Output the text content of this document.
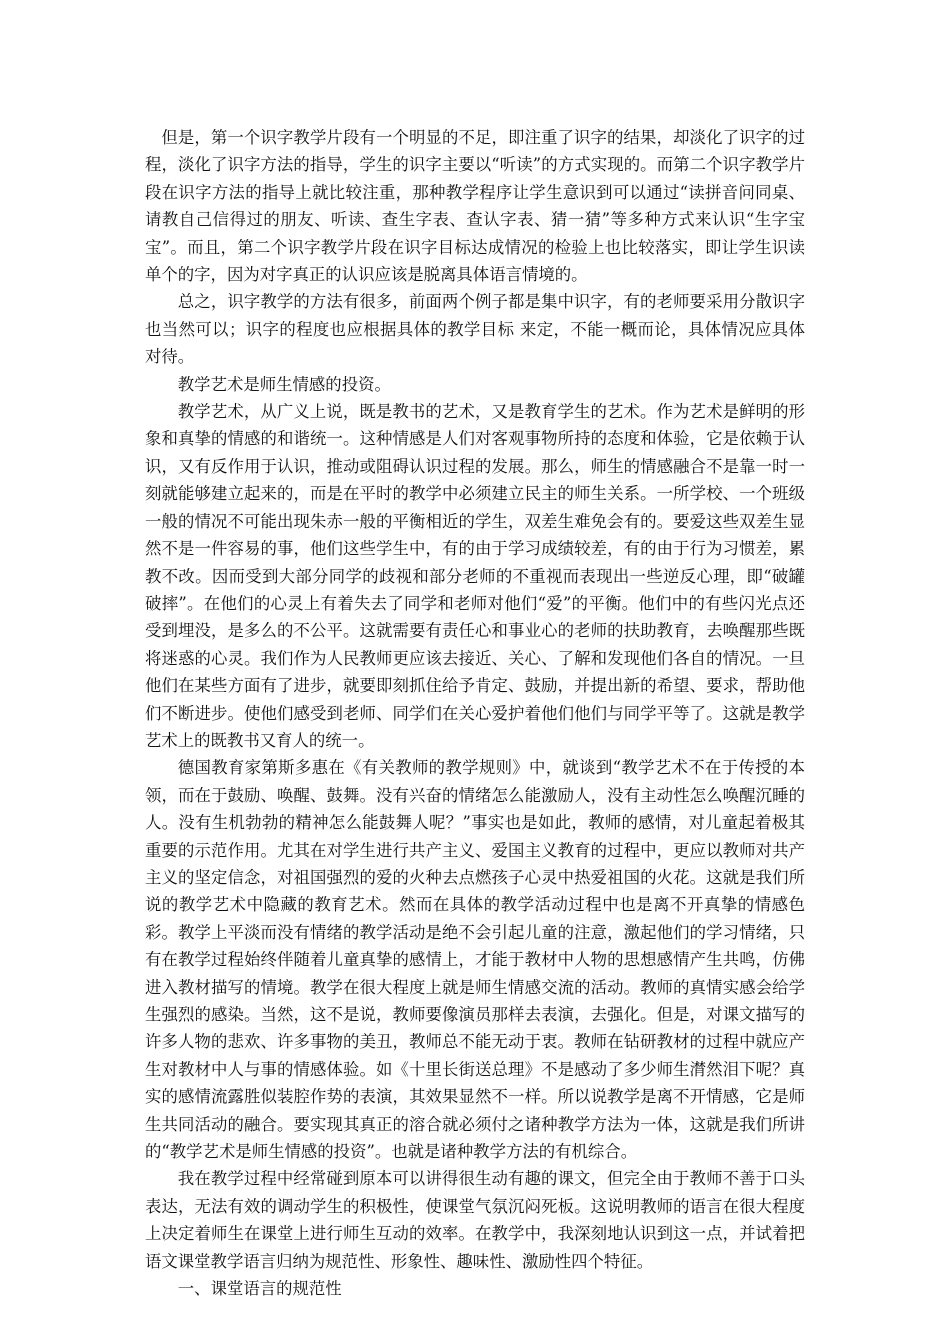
但是，第一个识字教学片段有一个明显的不足，即注重了识字的结果，却淡化了识字的过程，淡化了识字方法的指导，学生的识字主要以“听读”的方式实现的。而第二个识字教学片段在识字方法的指导上就比较注重，那种教学程序让学生意识到可以通过“读拼音问同桌、请教自己信得过的朋友、听读、查生字表、查认字表、猜一猜”等多种方式来认识“生字宝宝”。而且，第二个识字教学片段在识字目标达成情况的检验上也比较落实，即让学生识读单个的字，因为对字真正的认识应该是脱离具体语言情境的。

总之，识字教学的方法有很多，前面两个例子都是集中识字，有的老师要采用分散识字也当然可以；识字的程度也应根据具体的教学目标 来定，不能一概而论，具体情况应具体对待。

教学艺术是师生情感的投资。

教学艺术，从广义上说，既是教书的艺术，又是教育学生的艺术。作为艺术是鲜明的形象和真挚的情感的和谐统一。这种情感是人们对客观事物所持的态度和体验，它是依赖于认识，又有反作用于认识，推动或阻碍认识过程的发展。那么，师生的情感融合不是靠一时一刻就能够建立起来的，而是在平时的教学中必须建立民主的师生关系。一所学校、一个班级一般的情况不可能出现朱赤一般的平衡相近的学生，双差生难免会有的。要爱这些双差生显然不是一件容易的事，他们这些学生中，有的由于学习成绩较差，有的由于行为习惯差，累教不改。因而受到大部分同学的歧视和部分老师的不重视而表现出一些逆反心理，即“破罐破摔”。在他们的心灵上有着失去了同学和老师对他们“爱”的平衡。他们中的有些闪光点还受到埋没，是多么的不公平。这就需要有责任心和事业心的老师的扶助教育，去唤醒那些既将迷惑的心灵。我们作为人民教师更应该去接近、关心、了解和发现他们各自的情况。一旦他们在某些方面有了进步，就要即刻抓住给予肯定、鼓励，并提出新的希望、要求，帮助他们不断进步。使他们感受到老师、同学们在关心爱护着他们他们与同学平等了。这就是教学艺术上的既教书又育人的统一。

德国教育家第斯多惠在《有关教师的教学规则》中，就谈到“教学艺术不在于传授的本领，而在于鼓励、唤醒、鼓舞。没有兴奋的情绪怎么能激励人，没有主动性怎么唤醒沉睡的人。没有生机勃勃的精神怎么能鼓舞人呢？”事实也是如此，教师的感情，对儿童起着极其重要的示范作用。尤其在对学生进行共产主义、爱国主义教育的过程中，更应以教师对共产主义的坚定信念，对祖国强烈的爱的火种去点燃孩子心灵中热爱祖国的火花。这就是我们所说的教学艺术中隐藏的教育艺术。然而在具体的教学活动过程中也是离不开真挚的情感色彩。教学上平淡而没有情绪的教学活动是绝不会引起儿童的注意，激起他们的学习情绪，只有在教学过程始终伴随着儿童真挚的感情上，才能于教材中人物的思想感情产生共鸣，仿佛进入教材描写的情境。教学在很大程度上就是师生情感交流的活动。教师的真情实感会给学生强烈的感染。当然，这不是说，教师要像演员那样去表演，去强化。但是，对课文描写的许多人物的悲欢、许多事物的美丑，教师总不能无动于衷。教师在钻研教材的过程中就应产生对教材中人与事的情感体验。如《十里长街送总理》不是感动了多少师生潸然泪下呢？真实的感情流露胜似装腔作势的表演，其效果显然不一样。所以说教学是离不开情感，它是师生共同活动的融合。要实现其真正的溶合就必须付之诸种教学方法为一体，这就是我们所讲的“教学艺术是师生情感的投资”。也就是诸种教学方法的有机综合。

我在教学过程中经常碰到原本可以讲得很生动有趣的课文，但完全由于教师不善于口头表达，无法有效的调动学生的积极性，使课堂气氛沉闷死板。这说明教师的语言在很大程度上决定着师生在课堂上进行师生互动的效率。在教学中，我深刻地认识到这一点，并试着把语文课堂教学语言归纳为规范性、形象性、趣味性、激励性四个特征。

一、课堂语言的规范性
